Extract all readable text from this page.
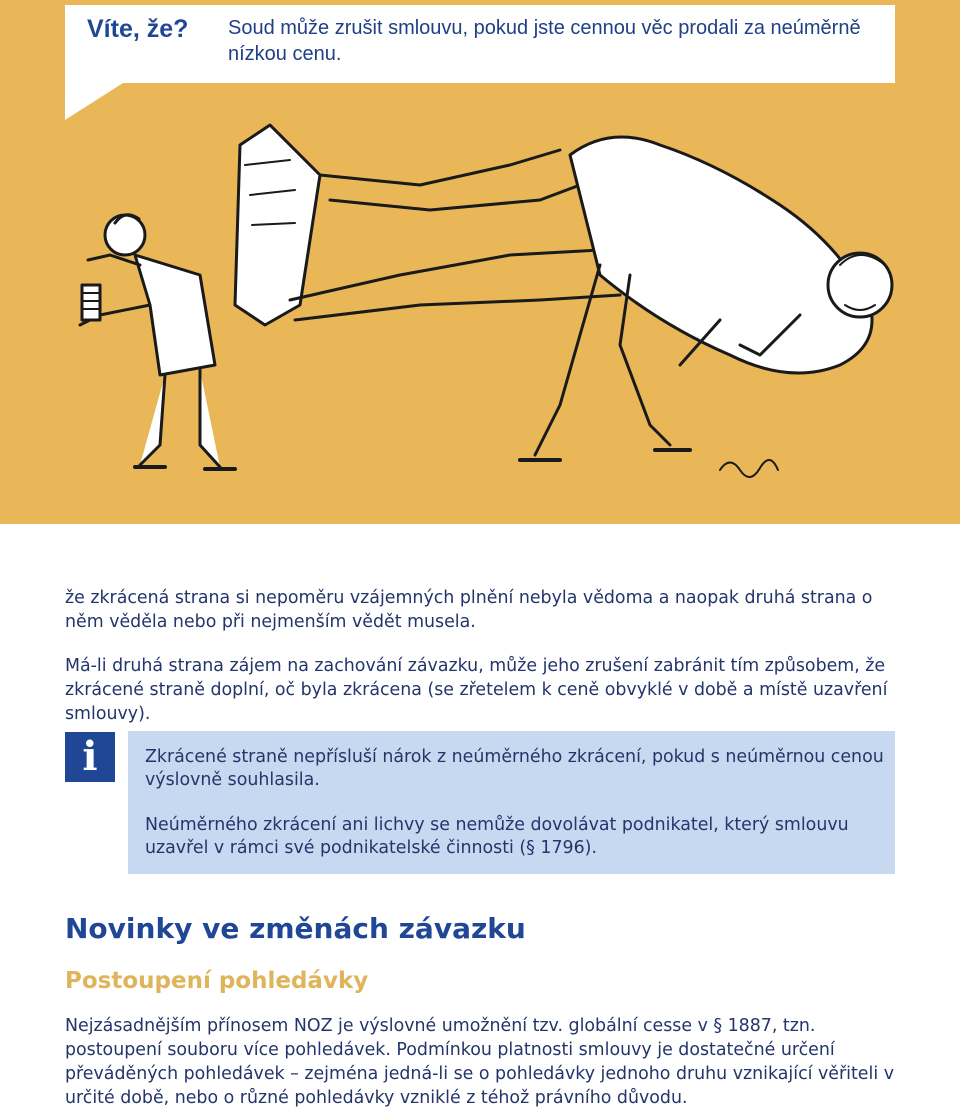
Víte, že? Soud může zrušit smlouvu, pokud jste cennou věc prodali za neúměrně nízkou cenu.

že zkrácená strana si nepoměru vzájemných plnění nebyla vědoma a naopak druhá strana o něm věděla nebo při nejmenším vědět musela.

Má-li druhá strana zájem na zachování závazku, může jeho zrušení zabránit tím způsobem, že zkrácené straně doplní, oč byla zkrácena (se zřetelem k ceně obvyklé v době a místě uzavření smlouvy).

i	Zkrácené straně nepřísluší nárok z neúměrného zkrácení, pokud s neúměrnou cenou výslovně souhlasila.

Neúměrného zkrácení ani lichvy se nemůže dovolávat podnikatel, který smlouvu uzavřel v rámci své podnikatelské činnosti (§ 1796).

Novinky ve změnách závazku
Postoupení pohledávky

Nejzásadnějším přínosem NOZ je výslovné umožnění tzv. globální cesse v § 1887, tzn. postoupení souboru více pohledávek. Podmínkou platnosti smlouvy je dostatečné určení převáděných pohledávek – zejména jedná-li se o pohledávky jednoho druhu vznikající věřiteli v určité době, nebo o různé pohledávky vzniklé z téhož právního důvodu.
